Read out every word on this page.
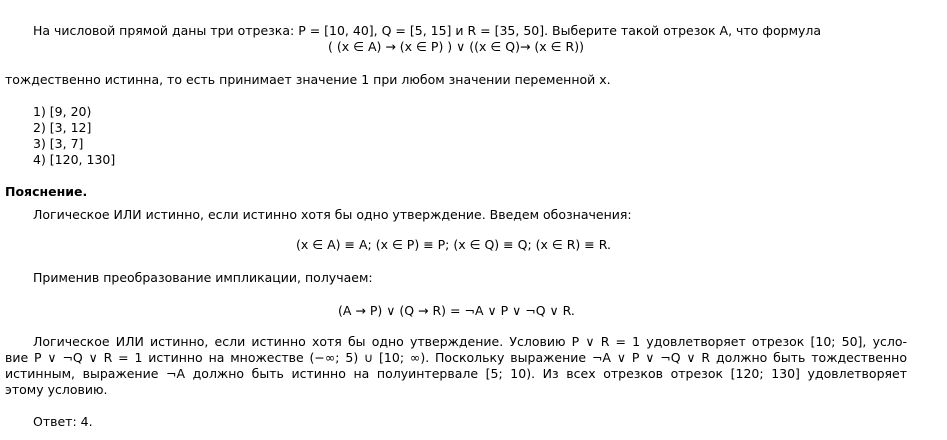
На числовой прямой даны три отрезка: P = [10, 40], Q = [5, 15] и R = [35, 50]. Выберите такой отрезок A, что формула
( (x ∈ A) → (x ∈ P) ) ∨ ((x ∈ Q)→ (x ∈ R))
тождественно истинна, то есть принимает значение 1 при любом значении переменной х.
1) [9, 20)
2) [3, 12]
3) [3, 7]
4) [120, 130]
Пояснение.
Логическое ИЛИ истинно, если истинно хотя бы одно утверждение. Введем обозначения:
(x ∈ A) ≡ A; (x ∈ P) ≡ P; (x ∈ Q) ≡ Q; (x ∈ R) ≡ R.
Применив преобразование импликации, получаем:
(A → P) ∨ (Q → R) = ¬A ∨ P ∨ ¬Q ∨ R.
Логическое ИЛИ истинно, если истинно хотя бы одно утверждение. Условию P ∨ R = 1 удовлетворяет отрезок [10; 50], усло-
вие P ∨ ¬Q ∨ R = 1 истинно на множестве (−∞; 5) ∪ [10; ∞). Поскольку выражение ¬A ∨ P ∨ ¬Q ∨ R должно быть тождественно
истинным, выражение ¬A должно быть истинно на полуинтервале [5; 10). Из всех отрезков отрезок [120; 130] удовлетворяет
этому условию.
Ответ: 4.
